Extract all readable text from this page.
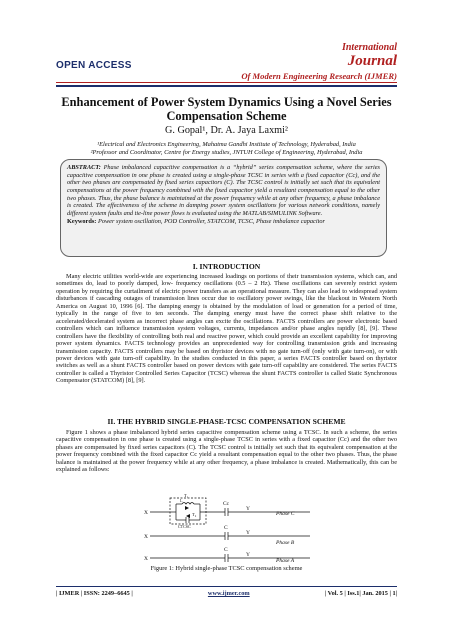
OPEN ACCESS
International
Journal
Of Modern Engineering Research (IJMER)
Enhancement of Power System Dynamics Using a Novel Series Compensation Scheme
G. Gopal¹, Dr. A. Jaya Laxmi²
¹Electrical and Electronics Engineering, Mahatma Gandhi Institute of Technology, Hyderabad, India
²Professor and Coordinator, Centre for Energy studies, JNTUH College of Engineering, Hyderabad, India
ABSTRACT: Phase imbalanced capacitive compensation is a “hybrid” series compensation scheme, where the series capacitive compensation in one phase is created using a single-phase TCSC in series with a fixed capacitor (Cc), and the other two phases are compensated by fixed series capacitors (C). The TCSC control is initially set such that its equivalent compensations at the power frequency combined with the fixed capacitor yield a resultant compensation equal to the other two phases. Thus, the phase balance is maintained at the power frequency while at any other frequency, a phase imbalance is created. The effectiveness of the scheme in damping power system oscillations for various network conditions, namely different system faults and tie-line power flows is evaluated using the MATLAB/SIMULINK Software.
Keywords: Power system oscillation, POD Controller, STATCOM, TCSC, Phase imbalance capacitor
I. INTRODUCTION
Many electric utilities world-wide are experiencing increased loadings on portions of their transmission systems, which can, and sometimes do, lead to poorly damped, low- frequency oscillations (0.5 – 2 Hz). These oscillations can severely restrict system operation by requiring the curtailment of electric power transfers as an operational measure. They can also lead to widespread system disturbances if cascading outages of transmission lines occur due to oscillatory power swings, like the blackout in Western North America on August 10, 1996 [6]. The damping energy is obtained by the modulation of load or generation for a period of time, typically in the range of five to ten seconds. The damping energy must have the correct phase shift relative to the accelerated/decelerated system as incorrect phase angles can excite the oscillations. FACTS controllers are power electronic based controllers which can influence transmission system voltages, currents, impedances and/or phase angles rapidly [8], [9]. These controllers have the flexibility of controlling both real and reactive power, which could provide an excellent capability for improving power system dynamics. FACTS technology provides an unprecedented way for controlling transmission grids and increasing transmission capacity. FACTS controllers may be based on thyristor devices with no gate turn-off (only with gate turn-on), or with power devices with gate turn-off capability. In the studies conducted in this paper, a series FACTS controller based on thyristor switches as well as a shunt FACTS controller based on power devices with gate turn-off capability are considered. The series FACTS controller is called a Thyristor Controlled Series Capacitor (TCSC) whereas the shunt FACTS controller is called Static Synchronous Compensator (STATCOM) [8], [9].
II. THE HYBRID SINGLE-PHASE-TCSC COMPENSATION SCHEME
Figure 1 shows a phase imbalanced hybrid series capacitive compensation scheme using a TCSC. In such a scheme, the series capacitive compensation in one phase is created using a single-phase TCSC in series with a fixed capacitor (Cc) and the other two phases are compensated by fixed series capacitors (C). The TCSC control is initially set such that its equivalent compensation at the power frequency combined with the fixed capacitor Cc yield a resultant compensation equal to the other two phases. Thus, the phase balance is maintained at the power frequency while at any other frequency, a phase imbalance is created. Mathematically, this can be explained as follows:
X
X
X
Y
Y
Y
Cc
C
C
T₁
T₂
L
CTCSC
Phase C
Phase B
Phase A
Figure 1: Hybrid single-phase TCSC compensation scheme
| IJMER | ISSN: 2249–6645 |	www.ijmer.com	| Vol. 5 | Iss.1| Jan. 2015 | 1|
